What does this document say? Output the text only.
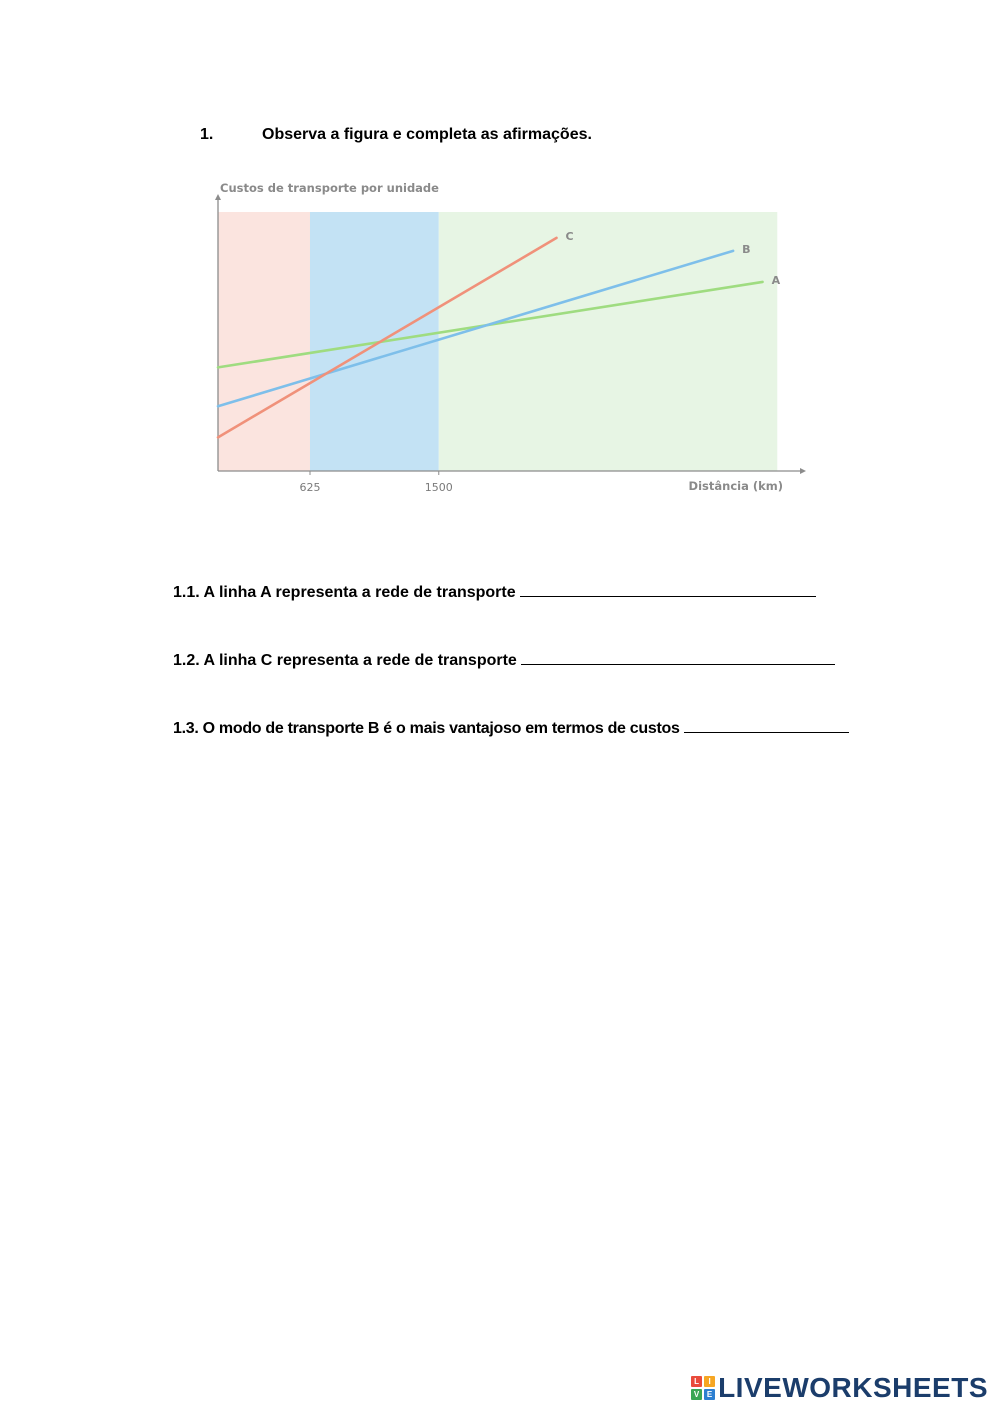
1.	Observa a figura e completa as afirmações.
625	1500
Custos de transporte por unidade
Distância (km)
A
B
C
1.1. A linha A representa a rede de transporte
1.2. A linha C representa a rede de transporte
1.3. O modo de transporte B é o mais vantajoso em termos de custos
L	I
V E LIVEWORKSHEETS
